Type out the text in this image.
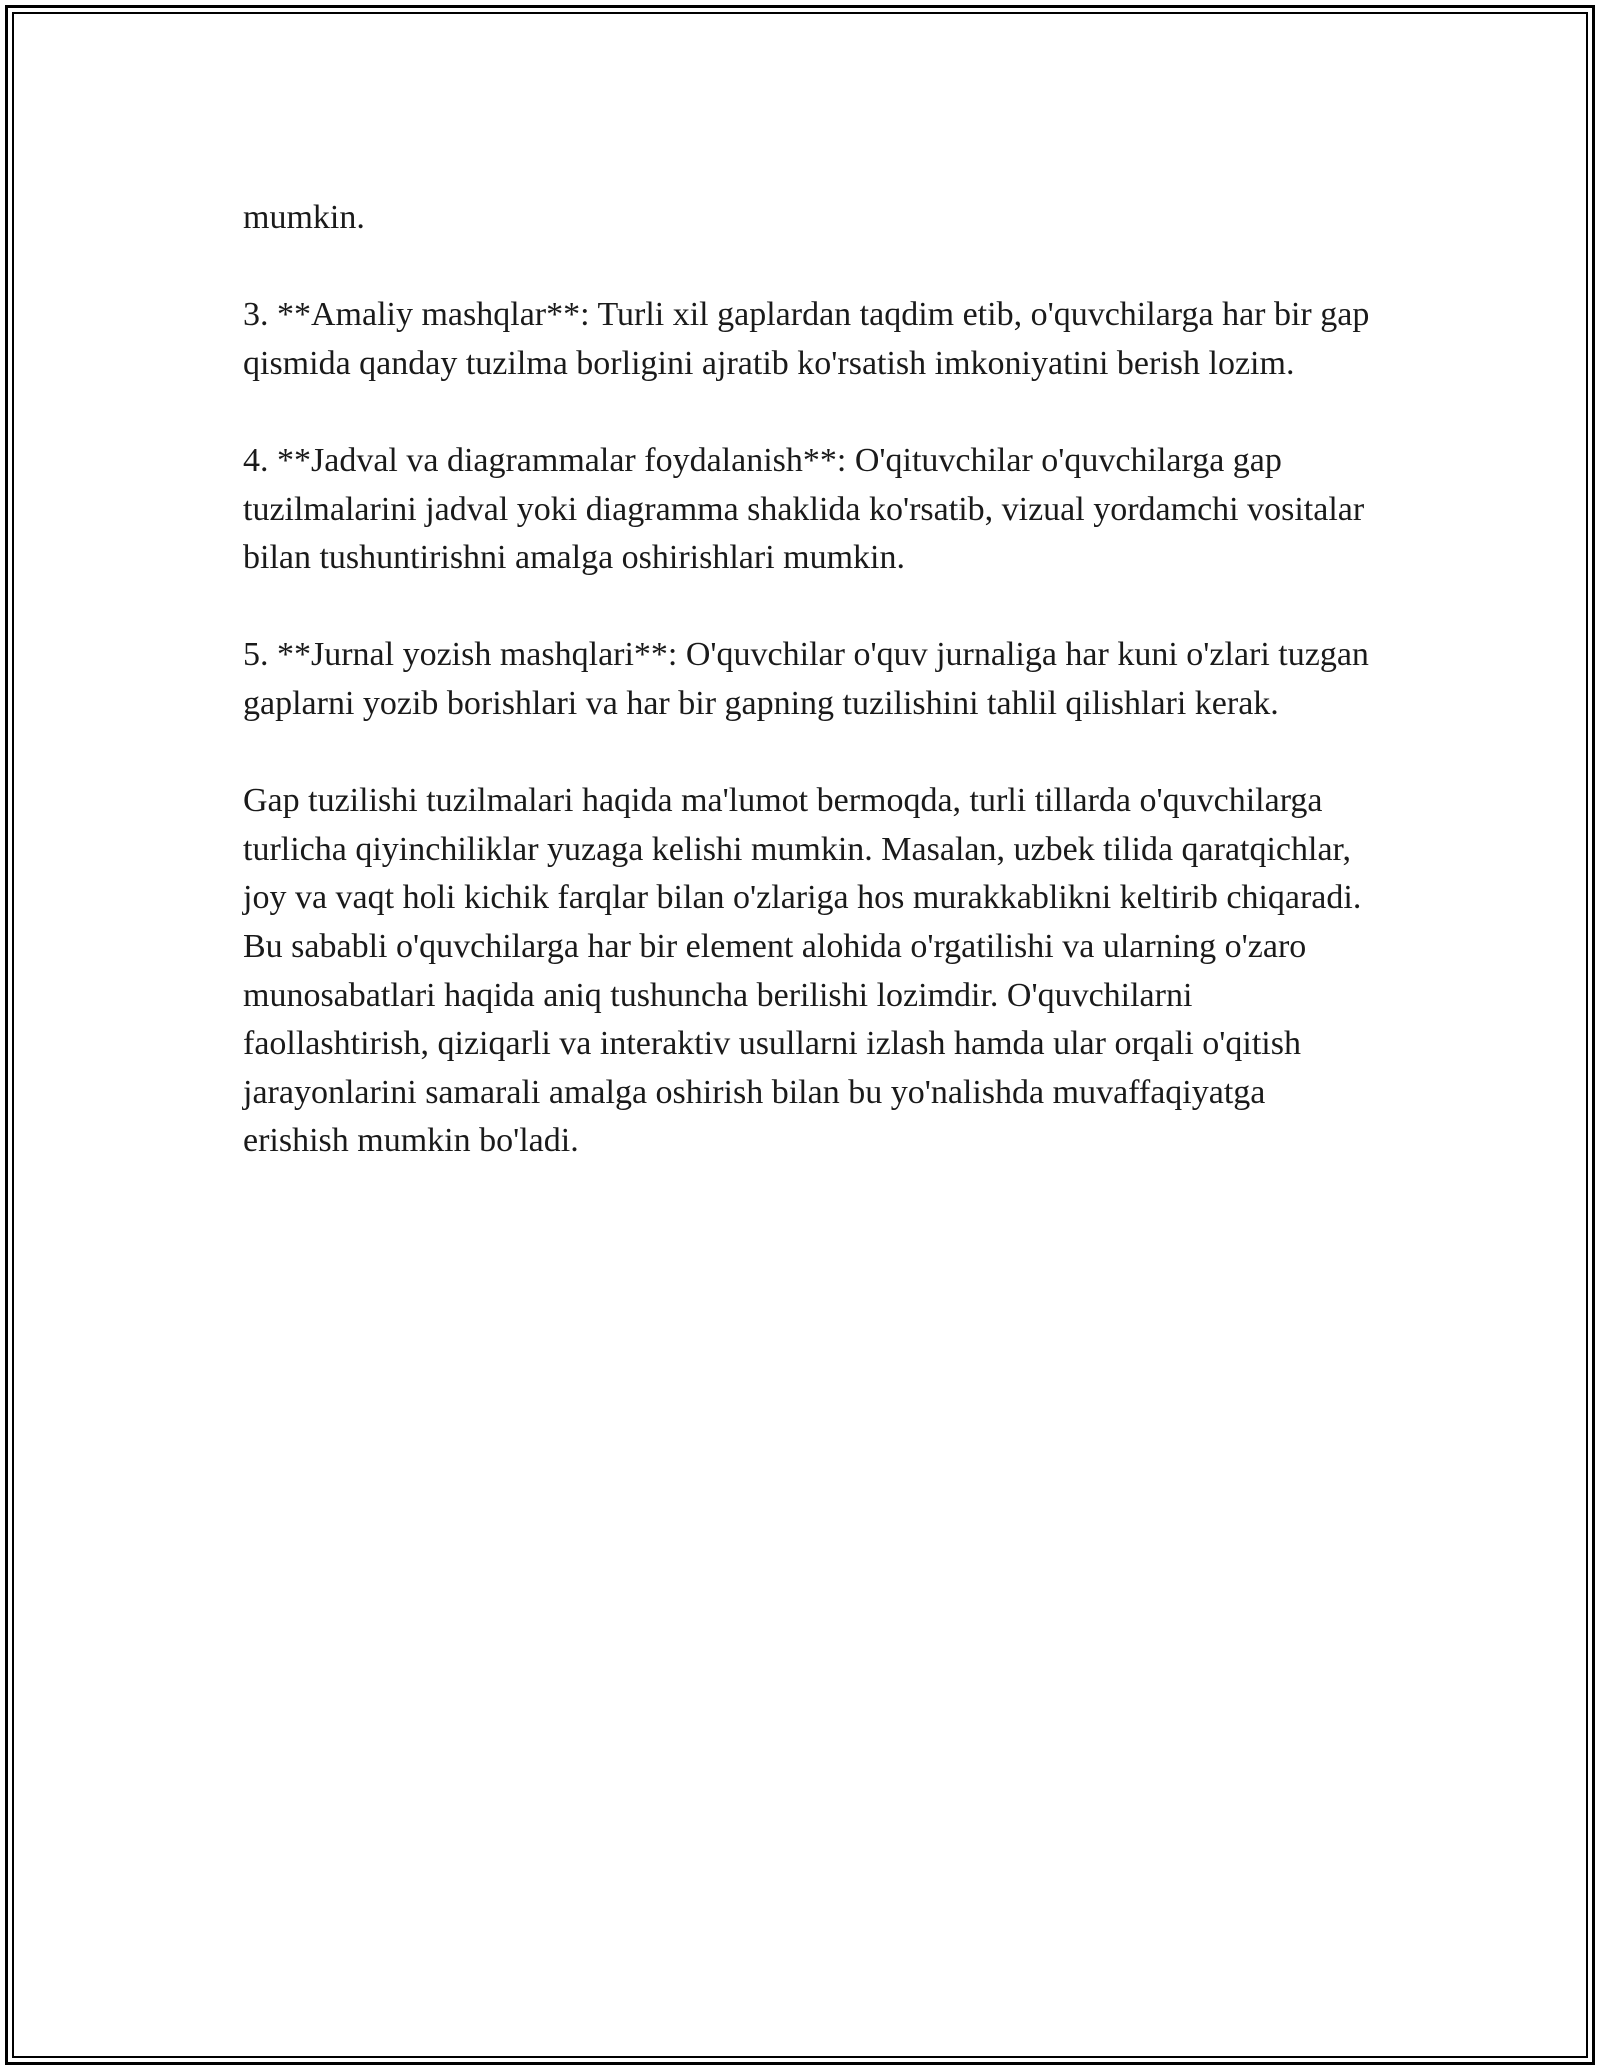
mumkin.

3. **Amaliy mashqlar**: Turli xil gaplardan taqdim etib, o'quvchilarga har bir gap qismida qanday tuzilma borligini ajratib ko'rsatish imkoniyatini berish lozim.

4. **Jadval va diagrammalar foydalanish**: O'qituvchilar o'quvchilarga gap tuzilmalarini jadval yoki diagramma shaklida ko'rsatib, vizual yordamchi vositalar bilan tushuntirishni amalga oshirishlari mumkin.

5. **Jurnal yozish mashqlari**: O'quvchilar o'quv jurnaliga har kuni o'zlari tuzgan gaplarni yozib borishlari va har bir gapning tuzilishini tahlil qilishlari kerak.

Gap tuzilishi tuzilmalari haqida ma'lumot bermoqda, turli tillarda o'quvchilarga turlicha qiyinchiliklar yuzaga kelishi mumkin. Masalan, uzbek tilida qaratqichlar, joy va vaqt holi kichik farqlar bilan o'zlariga hos murakkablikni keltirib chiqaradi. Bu sababli o'quvchilarga har bir element alohida o'rgatilishi va ularning o'zaro munosabatlari haqida aniq tushuncha berilishi lozimdir. O'quvchilarni faollashtirish, qiziqarli va interaktiv usullarni izlash hamda ular orqali o'qitish jarayonlarini samarali amalga oshirish bilan bu yo'nalishda muvaffaqiyatga erishish mumkin bo'ladi.
